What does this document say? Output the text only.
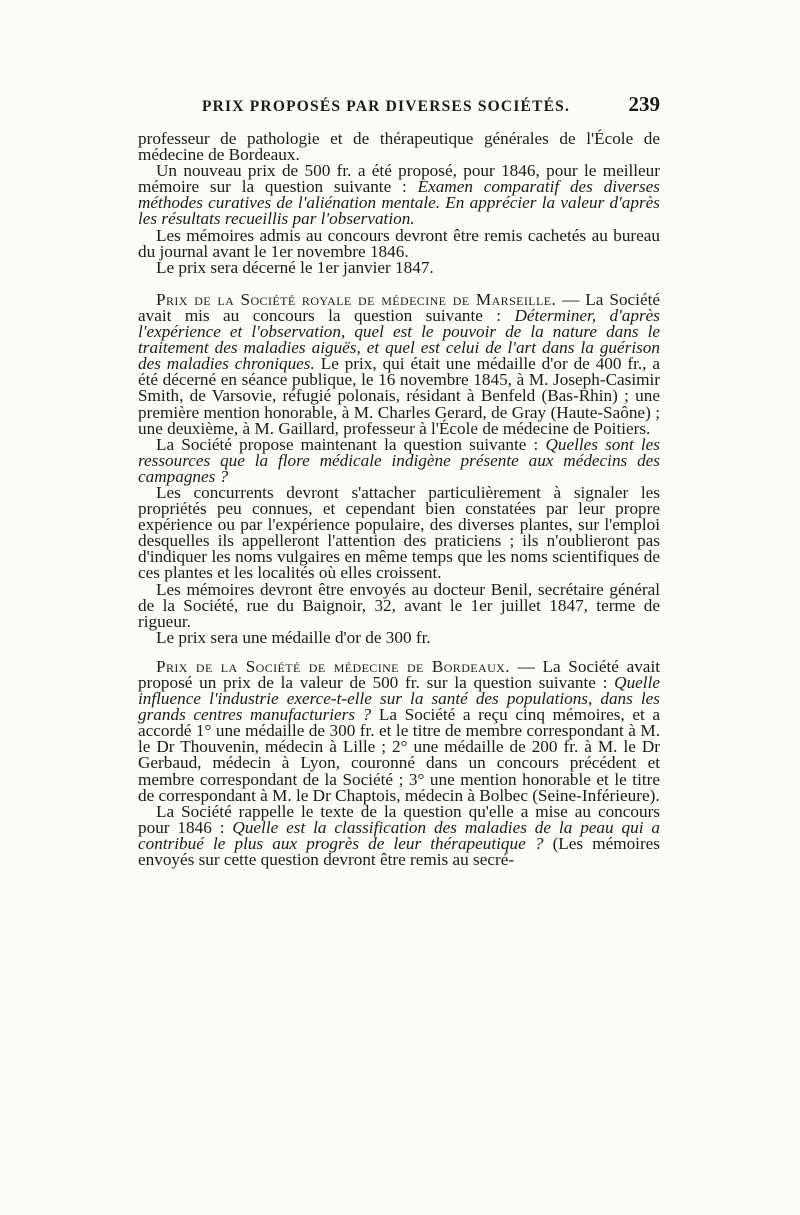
PRIX PROPOSÉS PAR DIVERSES SOCIÉTÉS.	239

professeur de pathologie et de thérapeutique générales de l'École de médecine de Bordeaux.

Un nouveau prix de 500 fr. a été proposé, pour 1846, pour le meilleur mémoire sur la question suivante : Examen comparatif des diverses méthodes curatives de l'aliénation mentale. En apprécier la valeur d'après les résultats recueillis par l'observation.

Les mémoires admis au concours devront être remis cachetés au bureau du journal avant le 1er novembre 1846.

Le prix sera décerné le 1er janvier 1847.

Prix de la Société royale de médecine de Marseille. — La Société avait mis au concours la question suivante : Déterminer, d'après l'expérience et l'observation, quel est le pouvoir de la nature dans le traitement des maladies aiguës, et quel est celui de l'art dans la guérison des maladies chroniques. Le prix, qui était une médaille d'or de 400 fr., a été décerné en séance publique, le 16 novembre 1845, à M. Joseph-Casimir Smith, de Varsovie, réfugié polonais, résidant à Benfeld (Bas-Rhin) ; une première mention honorable, à M. Charles Gerard, de Gray (Haute-Saône) ; une deuxième, à M. Gaillard, professeur à l'École de médecine de Poitiers.

La Société propose maintenant la question suivante : Quelles sont les ressources que la flore médicale indigène présente aux médecins des campagnes ?

Les concurrents devront s'attacher particulièrement à signaler les propriétés peu connues, et cependant bien constatées par leur propre expérience ou par l'expérience populaire, des diverses plantes, sur l'emploi desquelles ils appelleront l'attention des praticiens ; ils n'oublieront pas d'indiquer les noms vulgaires en même temps que les noms scientifiques de ces plantes et les localités où elles croissent.

Les mémoires devront être envoyés au docteur Benil, secrétaire général de la Société, rue du Baignoir, 32, avant le 1er juillet 1847, terme de rigueur.

Le prix sera une médaille d'or de 300 fr.

Prix de la Société de médecine de Bordeaux. — La Société avait proposé un prix de la valeur de 500 fr. sur la question suivante : Quelle influence l'industrie exerce-t-elle sur la santé des populations, dans les grands centres manufacturiers ? La Société a reçu cinq mémoires, et a accordé 1° une médaille de 300 fr. et le titre de membre correspondant à M. le Dr Thouvenin, médecin à Lille ; 2° une médaille de 200 fr. à M. le Dr Gerbaud, médecin à Lyon, couronné dans un concours précédent et membre correspondant de la Société ; 3° une mention honorable et le titre de correspondant à M. le Dr Chaptois, médecin à Bolbec (Seine-Inférieure).

La Société rappelle le texte de la question qu'elle a mise au concours pour 1846 : Quelle est la classification des maladies de la peau qui a contribué le plus aux progrès de leur thérapeutique ? (Les mémoires envoyés sur cette question devront être remis au secré-
